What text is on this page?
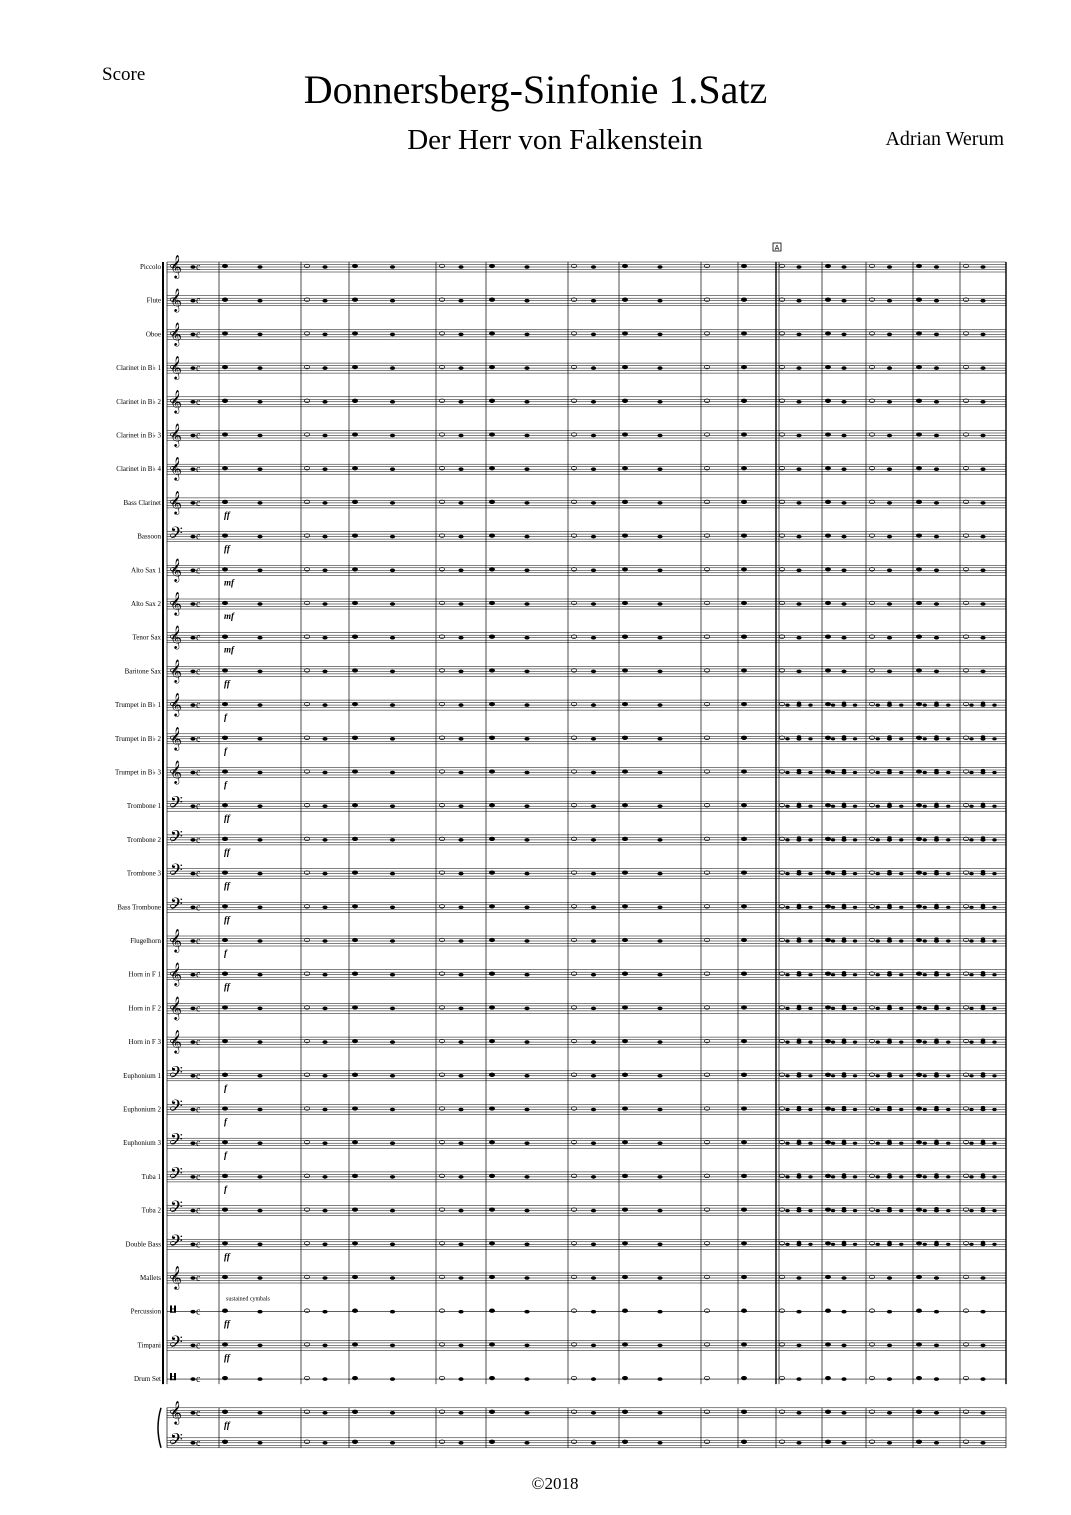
Score	Donnersberg-Sinfonie 1.Satz
Der Herr von Falkenstein	Adrian Werum
A
𝄞 c
Piccolo
𝄞 c
Flute
𝄞 c
Oboe
𝄞 c
Clarinet in B♭ 1
𝄞 c
Clarinet in B♭ 2
𝄞 c
Clarinet in B♭ 3
𝄞 c
Clarinet in B♭ 4
𝄞 c
Bass Clarinet
ff
𝄢 c
Bassoon
ff
𝄞 c
Alto Sax 1
mf
𝄞 c
Alto Sax 2
mf
𝄞 c
Tenor Sax
mf
𝄞 c
Baritone Sax
ff
𝄞 c
Trumpet in B♭ 1
f
𝄞 c
Trumpet in B♭ 2
f
𝄞 c
Trumpet in B♭ 3
f
𝄢 c
Trombone 1
ff
𝄢 c
Trombone 2
ff
𝄢 c
Trombone 3
ff
𝄢 c
Bass Trombone
ff
𝄞 c
Flugelhorn
f
𝄞 c
Horn in F 1
ff
𝄞 c
Horn in F 2
𝄞 c
Horn in F 3
𝄢 c
Euphonium 1
f
𝄢 c
Euphonium 2
f
𝄢 c
Euphonium 3
f
𝄢 c
Tuba 1
f
𝄢 c
Tuba 2
𝄢 c
Double Bass
ff
𝄞 c
Mallets
𝄥 c
Percussion
ff
𝄢 c
Timpani
ff
𝄥 c
Drum Set
𝄞 c
ff
𝄢 c
sustained cymbals
©2018
